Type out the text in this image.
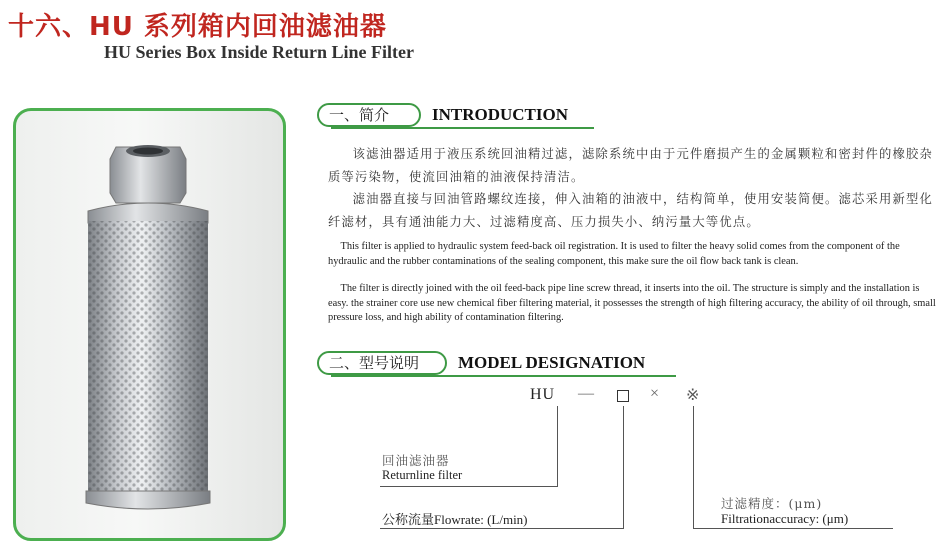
十六、HU 系列箱内回油滤油器
HU Series Box Inside Return Line Filter
一、简介	INTRODUCTION
该滤油器适用于液压系统回油精过滤，滤除系统中由于元件磨损产生的金属颗粒和密封件的橡胶杂质等污染物，使流回油箱的油液保持清洁。
滤油器直接与回油管路螺纹连接，伸入油箱的油液中，结构简单，使用安装简便。滤芯采用新型化纤滤材，具有通油能力大、过滤精度高、压力损失小、纳污量大等优点。
This filter is applied to hydraulic system feed-back oil registration. It is used to filter the heavy solid comes from the component of the hydraulic and the rubber contaminations of the sealing component, this make sure the oil flow back tank is clean.
The filter is directly joined with the oil feed-back pipe line screw thread, it inserts into the oil. The structure is simply and the installation is easy. the strainer core use new chemical fiber filtering material, it possesses the strength of high filtering accuracy, the ability of oil through, small pressure loss, and high ability of contamination filtering.
二、型号说明	MODEL DESIGNATION
HU —	× ※
回油滤油器
Returnline filter
公称流量Flowrate: (L/min)
过滤精度：(μm)
Filtrationaccuracy: (μm)
